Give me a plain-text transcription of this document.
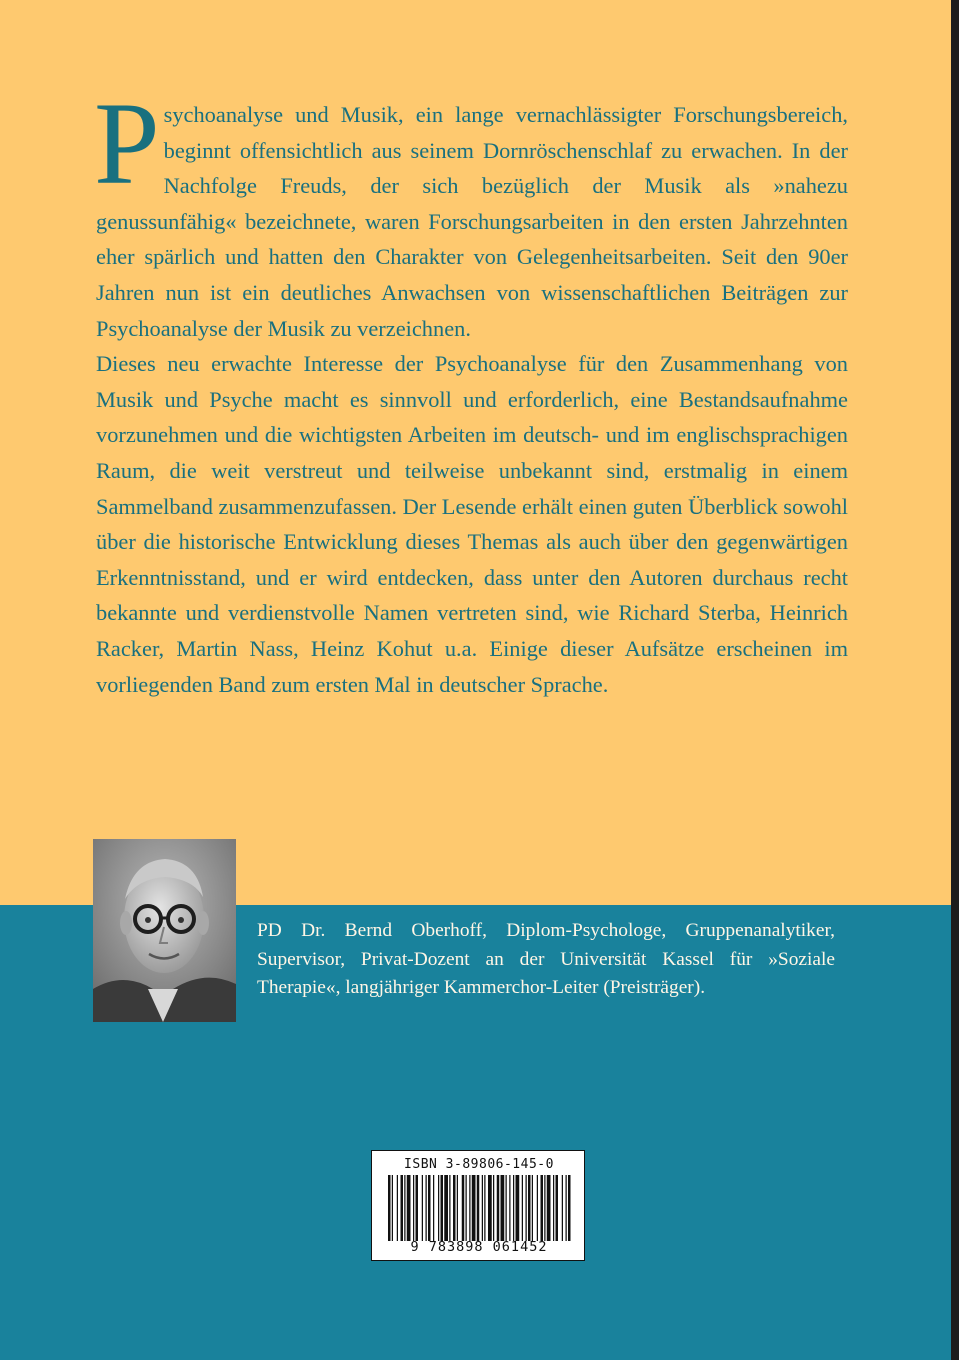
Psychoanalyse und Musik, ein lange vernachlässigter Forschungsbereich, beginnt offensichtlich aus seinem Dornröschenschlaf zu erwachen. In der Nachfolge Freuds, der sich bezüglich der Musik als »nahezu genussunfähig« bezeichnete, waren Forschungsarbeiten in den ersten Jahrzehnten eher spärlich und hatten den Charakter von Gelegenheitsarbeiten. Seit den 90er Jahren nun ist ein deutliches Anwachsen von wissenschaftlichen Beiträgen zur Psychoanalyse der Musik zu verzeichnen.

Dieses neu erwachte Interesse der Psychoanalyse für den Zusammenhang von Musik und Psyche macht es sinnvoll und erforderlich, eine Bestandsaufnahme vorzunehmen und die wichtigsten Arbeiten im deutsch- und im englischsprachigen Raum, die weit verstreut und teilweise unbekannt sind, erstmalig in einem Sammelband zusammenzufassen. Der Lesende erhält einen guten Überblick sowohl über die historische Entwicklung dieses Themas als auch über den gegenwärtigen Erkenntnisstand, und er wird entdecken, dass unter den Autoren durchaus recht bekannte und verdienstvolle Namen vertreten sind, wie Richard Sterba, Heinrich Racker, Martin Nass, Heinz Kohut u.a. Einige dieser Aufsätze erscheinen im vorliegenden Band zum ersten Mal in deutscher Sprache.

PD Dr. Bernd Oberhoff, Diplom-Psychologe, Gruppenanalytiker, Supervisor, Privat-Dozent an der Universität Kassel für »Soziale Therapie«, langjähriger Kammerchor-Leiter (Preisträger).
ISBN 3-89806-145-0
9 783898 061452
